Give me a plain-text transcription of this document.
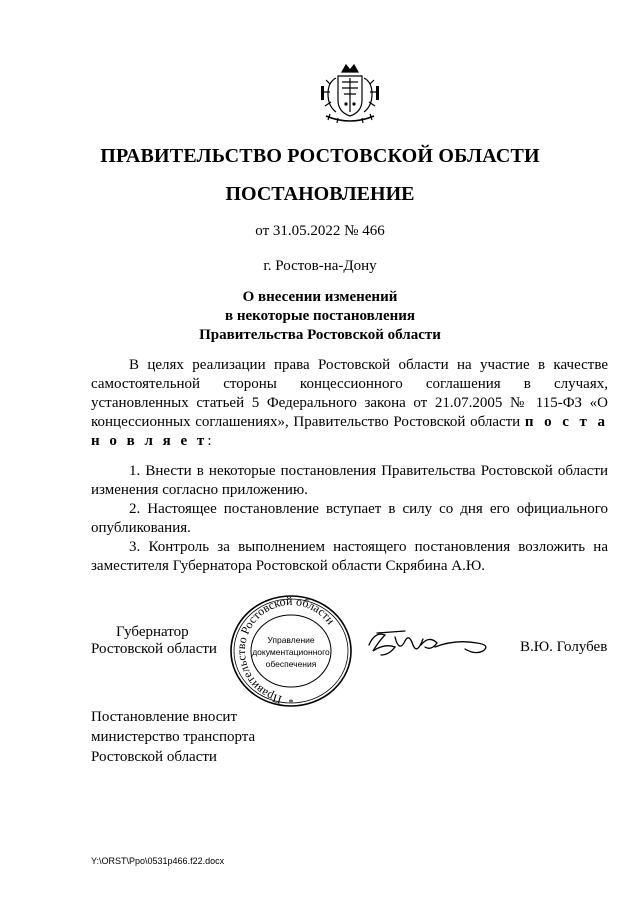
ПРАВИТЕЛЬСТВО РОСТОВСКОЙ ОБЛАСТИ
ПОСТАНОВЛЕНИЕ
от 31.05.2022 № 466
г. Ростов-на-Дону
О внесении изменений
в некоторые постановления
Правительства Ростовской области
В целях реализации права Ростовской области на участие в качестве самостоятельной стороны концессионного соглашения в случаях, установленных статьей 5 Федерального закона от 21.07.2005 № 115-ФЗ «О концессионных соглашениях», Правительство Ростовской области п о с т а н о в л я е т:
1. Внести в некоторые постановления Правительства Ростовской области изменения согласно приложению.
2. Настоящее постановление вступает в силу со дня его официального опубликования.
3. Контроль за выполнением настоящего постановления возложить на заместителя Губернатора Ростовской области Скрябина А.Ю.
Губернатор
Ростовской области
Правительство Ростовской области
Управление
документационного
обеспечения
*
В.Ю. Голубев
Постановление вносит
министерство транспорта
Ростовской области
Y:\ORST\Ppo\0531p466.f22.docx
